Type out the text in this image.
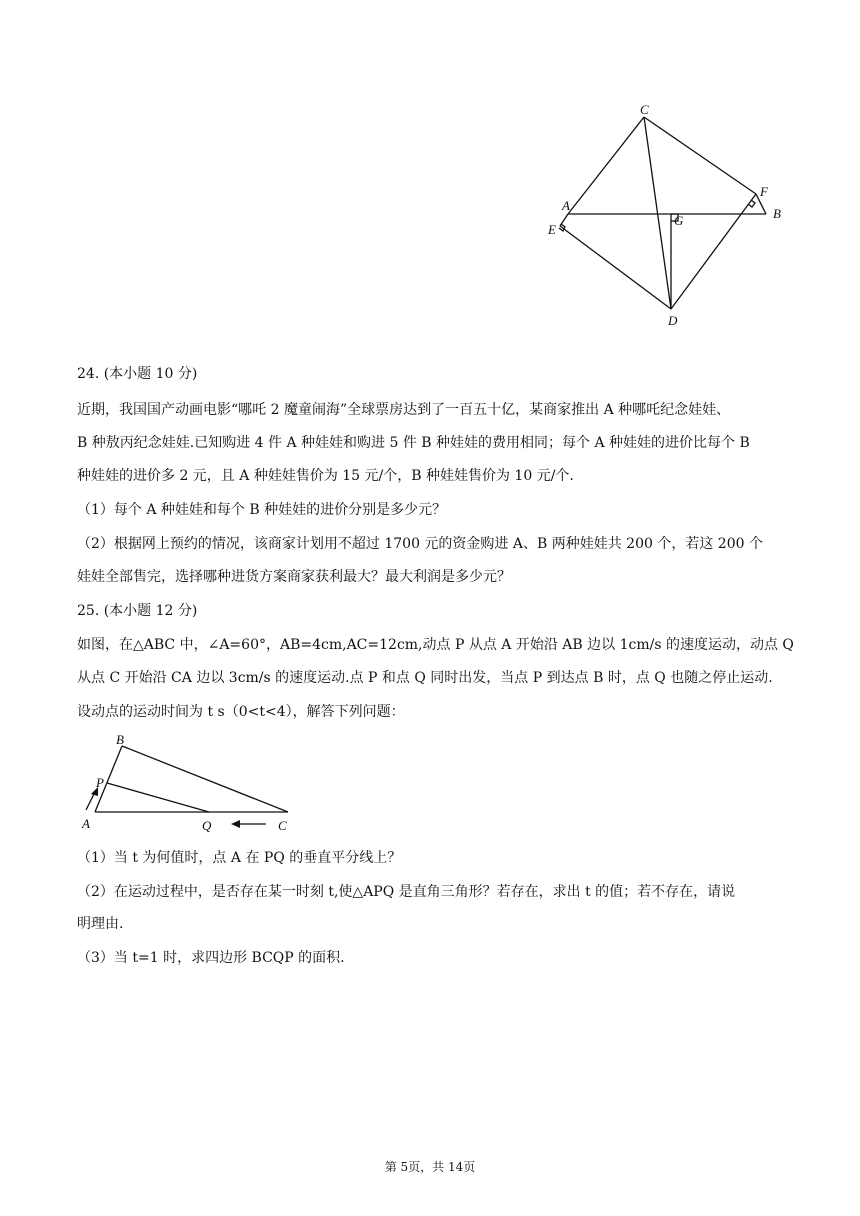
C
A
F
B
E
G
D
24. (本小题 10 分)
近期，我国国产动画电影“哪吒 2 魔童闹海”全球票房达到了一百五十亿，某商家推出 A 种哪吒纪念娃娃、
B 种敖丙纪念娃娃.已知购进 4 件 A 种娃娃和购进 5 件 B 种娃娃的费用相同；每个 A 种娃娃的进价比每个 B
种娃娃的进价多 2 元，且 A 种娃娃售价为 15 元/个，B 种娃娃售价为 10 元/个.
（1）每个 A 种娃娃和每个 B 种娃娃的进价分别是多少元？
（2）根据网上预约的情况，该商家计划用不超过 1700 元的资金购进 A、B 两种娃娃共 200 个，若这 200 个
娃娃全部售完，选择哪种进货方案商家获利最大？最大利润是多少元？
25. (本小题 12 分)
如图，在△ABC 中，∠A=60°，AB=4cm,AC=12cm,动点 P 从点 A 开始沿 AB 边以 1cm/s 的速度运动，动点 Q
从点 C 开始沿 CA 边以 3cm/s 的速度运动.点 P 和点 Q 同时出发，当点 P 到达点 B 时，点 Q 也随之停止运动.
设动点的运动时间为 t s（0<t<4），解答下列问题：
B
P
A	Q	C
（1）当 t 为何值时，点 A 在 PQ 的垂直平分线上？
（2）在运动过程中，是否存在某一时刻 t,使△APQ 是直角三角形？若存在，求出 t 的值；若不存在，请说
明理由.
（3）当 t=1 时，求四边形 BCQP 的面积.
第 5页，共 14页
